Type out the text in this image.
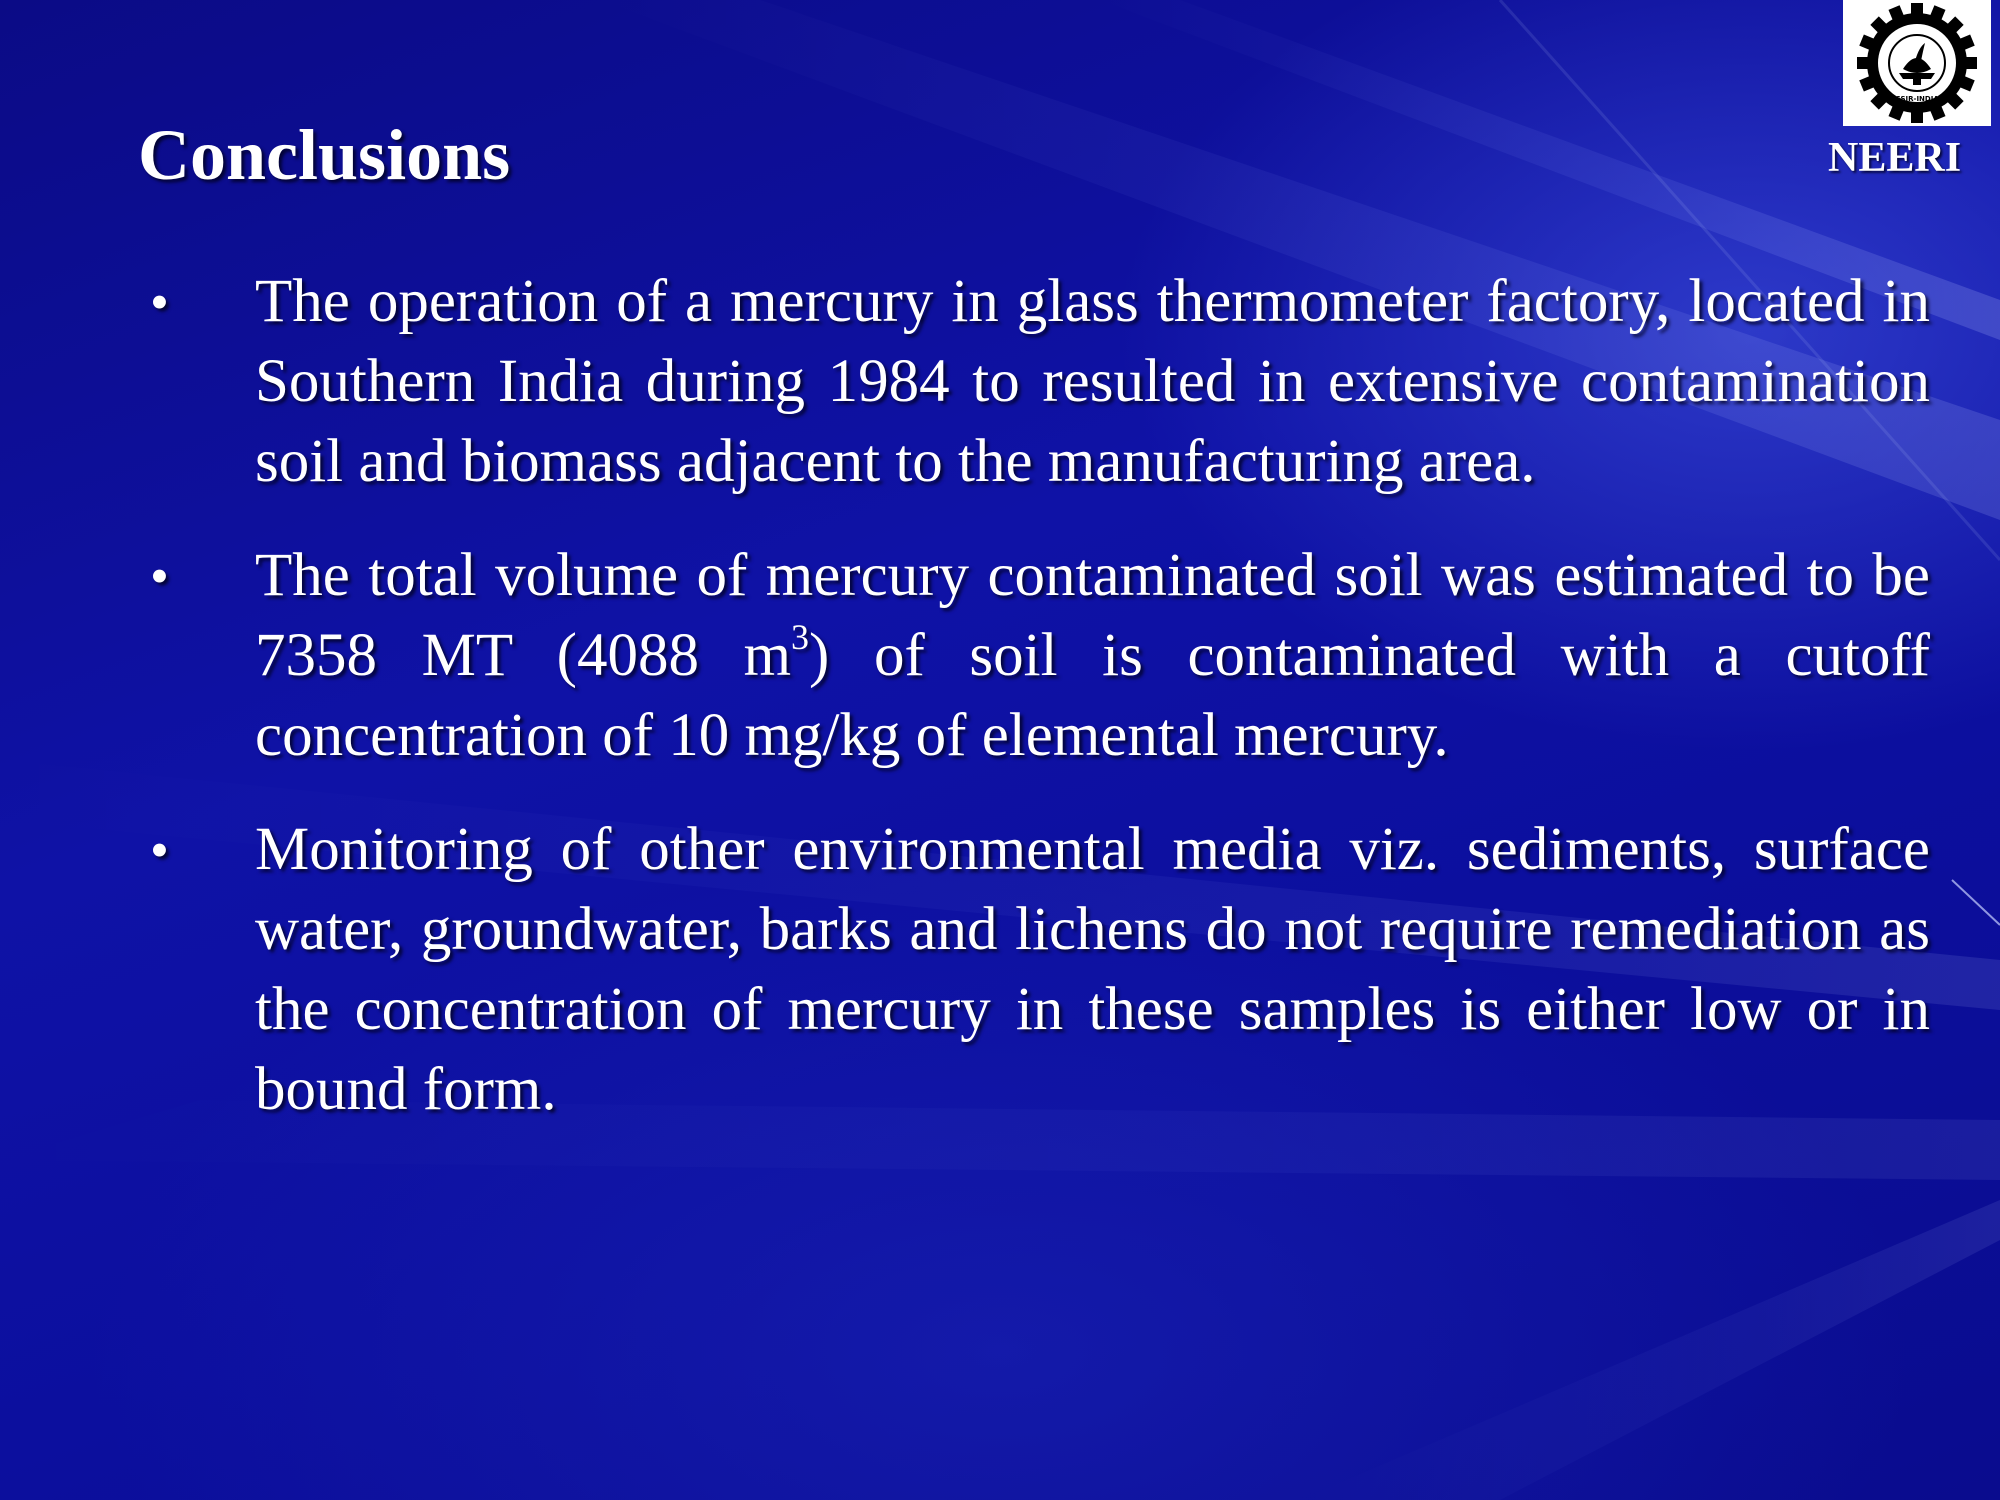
Conclusions
CSIR-INDIA
NEERI
•	The operation of a mercury in glass thermometer factory, located in Southern India during 1984 to resulted in extensive contamination soil and biomass adjacent to the manufacturing area.
•	The total volume of mercury contaminated soil was estimated to be 7358 MT (4088 $m^3$) of soil is contaminated with a cutoff concentration of 10 mg/kg of elemental mercury.
•	Monitoring of other environmental media viz. sediments, surface water, groundwater, barks and lichens do not require remediation as the concentration of mercury in these samples is either low or in bound form.
